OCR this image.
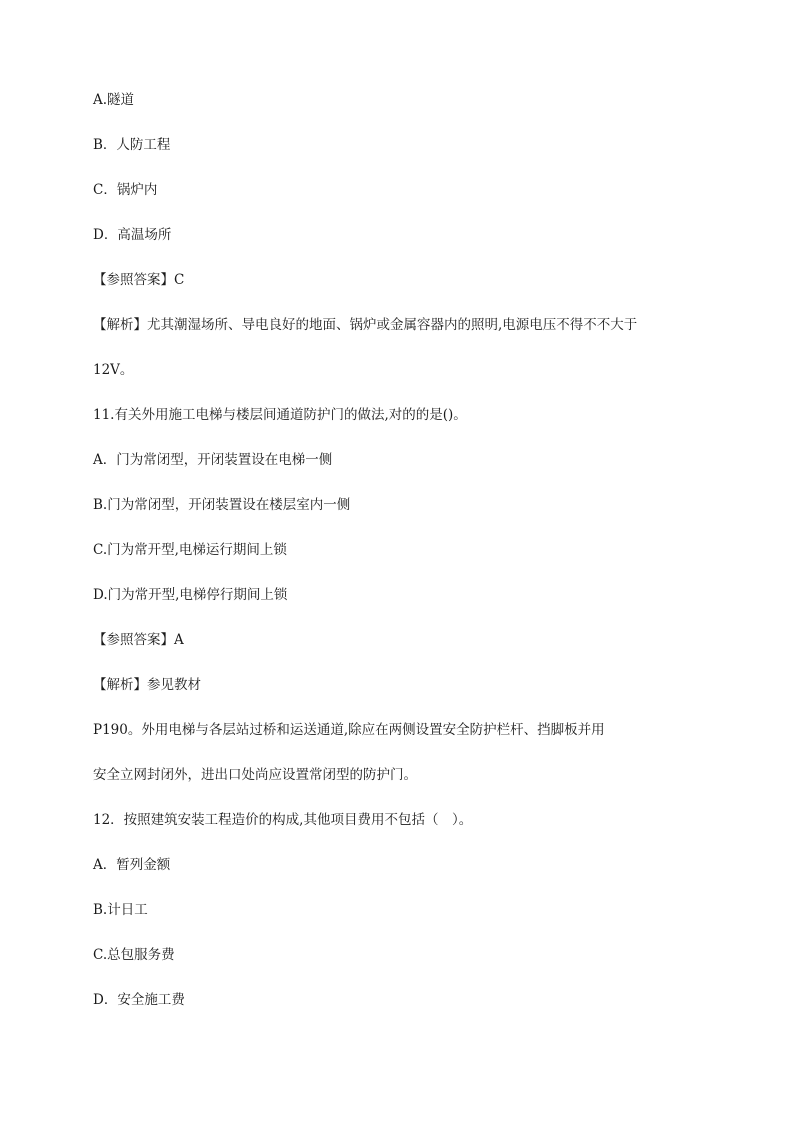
A.隧道
B．人防工程
C．锅炉内
D．高温场所
【参照答案】C
【解析】尤其潮湿场所、导电良好的地面、锅炉或金属容器内的照明,电源电压不得不不大于
12V。
11.有关外用施工电梯与楼层间通道防护门的做法,对的的是()。
A．门为常闭型，开闭装置设在电梯一侧
B.门为常闭型，开闭装置设在楼层室内一侧
C.门为常开型,电梯运行期间上锁
D.门为常开型,电梯停行期间上锁
【参照答案】A
【解析】参见教材
P190。外用电梯与各层站过桥和运送通道,除应在两侧设置安全防护栏杆、挡脚板并用
安全立网封闭外，进出口处尚应设置常闭型的防护门。
12．按照建筑安装工程造价的构成,其他项目费用不包括（　）。
A．暂列金额
B.计日工
C.总包服务费
D．安全施工费
